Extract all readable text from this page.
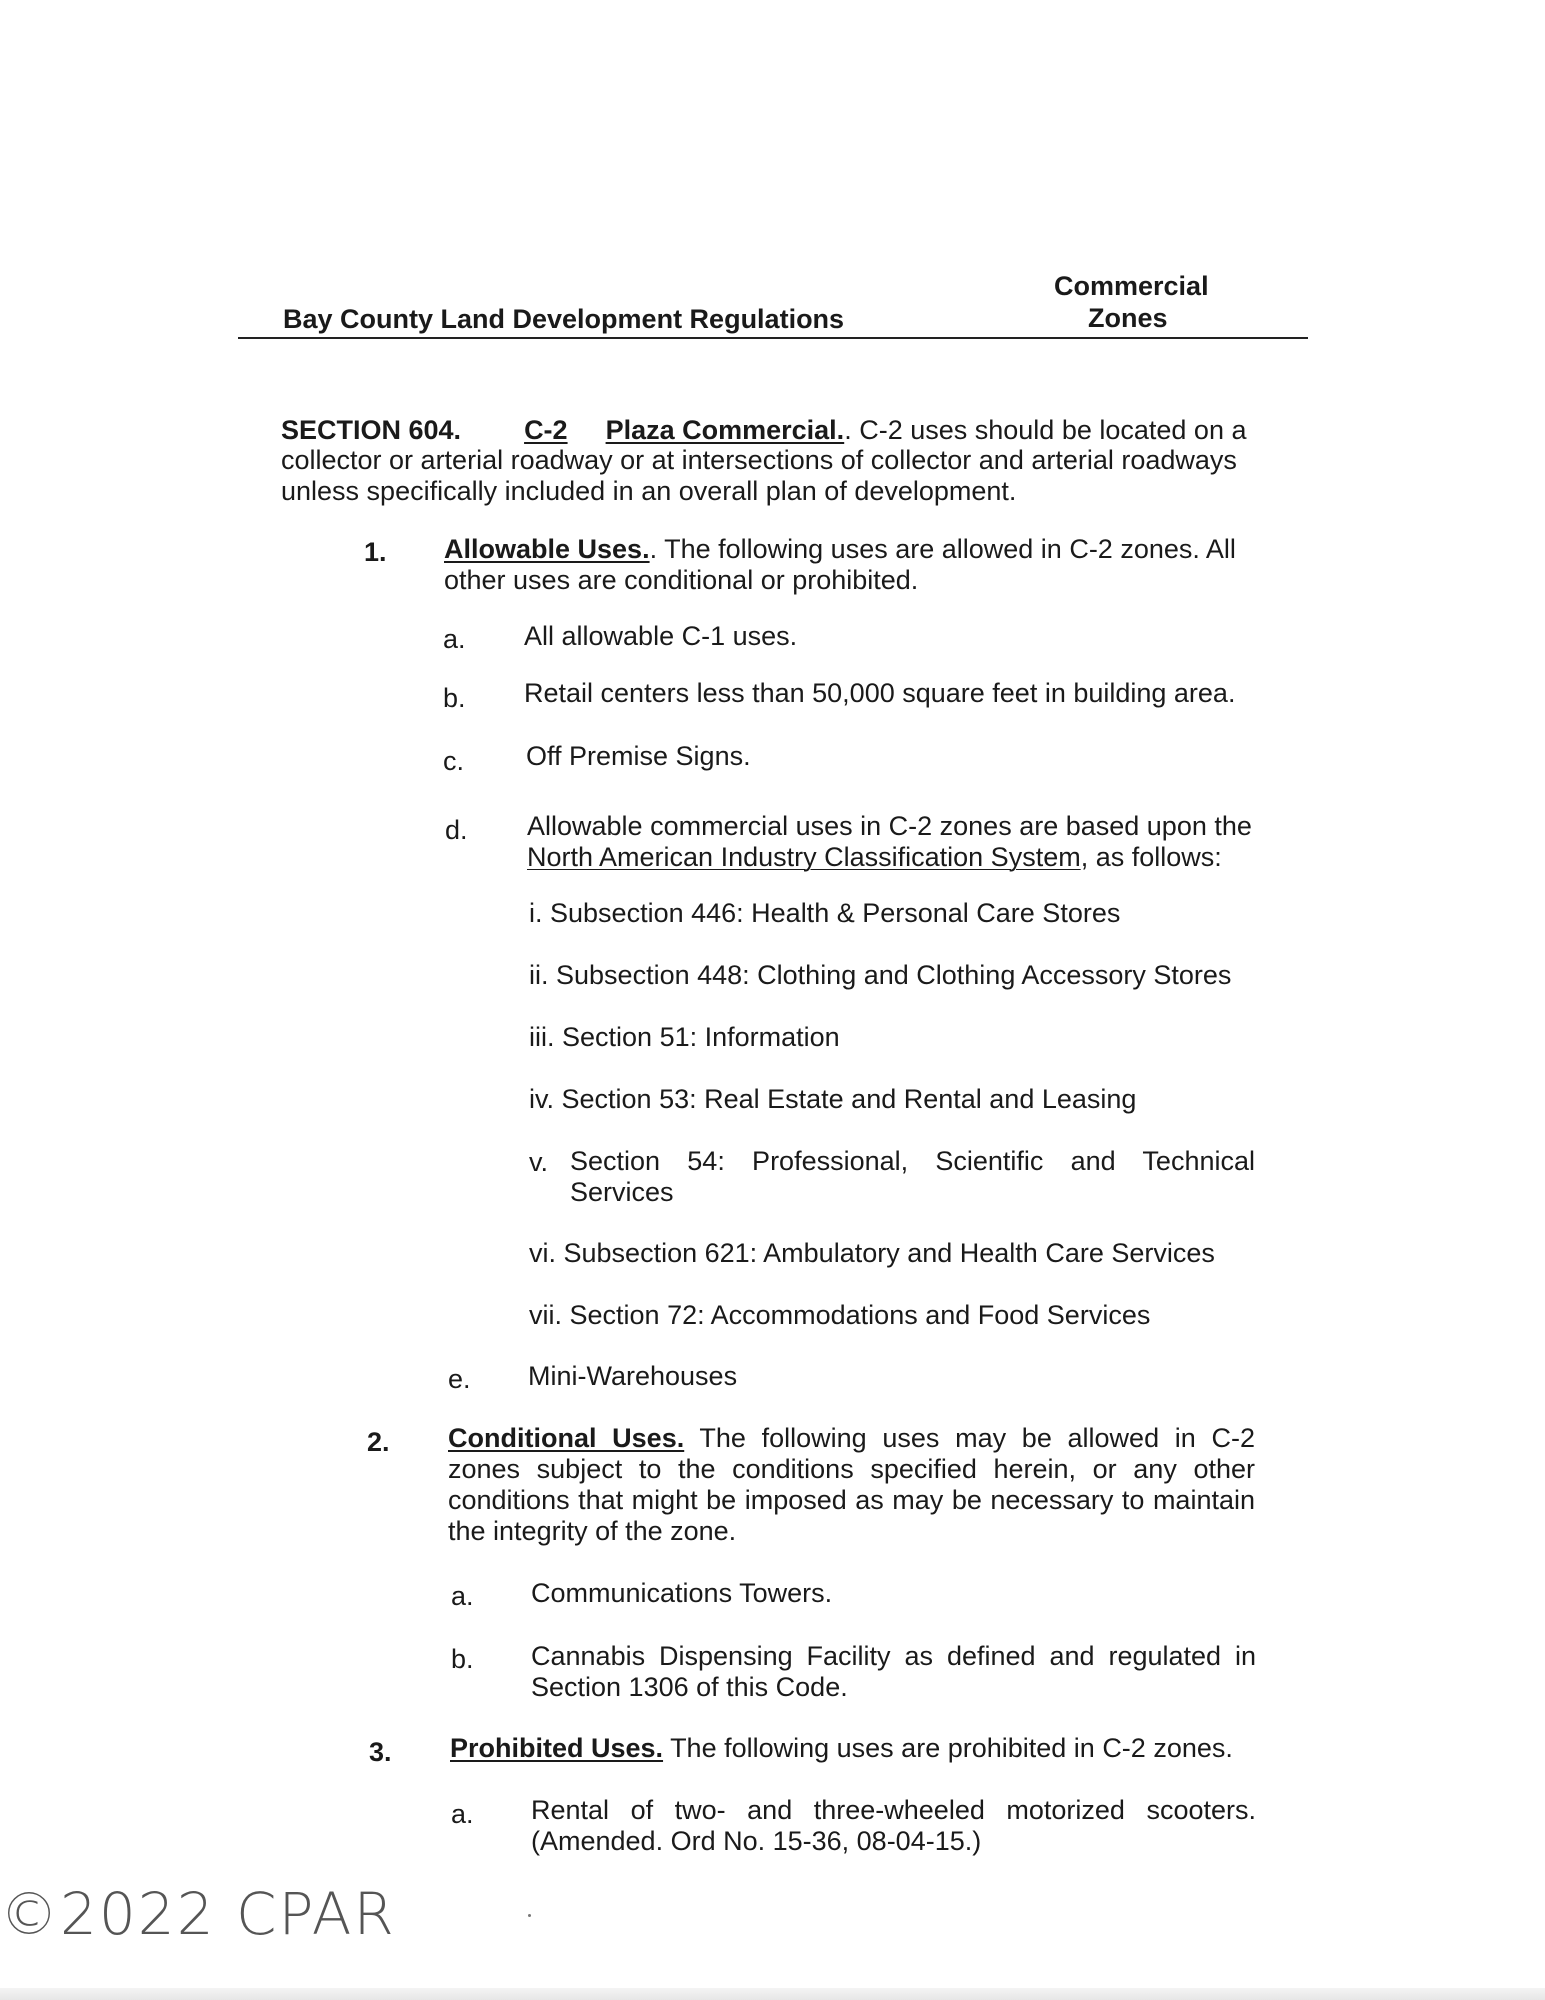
Commercial
Bay County Land Development Regulations	Zones
SECTION 604. C-2 Plaza Commercial.. C-2 uses should be located on a
collector or arterial roadway or at intersections of collector and arterial roadways
unless specifically included in an overall plan of development.
1. Allowable Uses.. The following uses are allowed in C-2 zones. All
other uses are conditional or prohibited.
a. All allowable C-1 uses.
b. Retail centers less than 50,000 square feet in building area.
c. Off Premise Signs.
d. Allowable commercial uses in C-2 zones are based upon the
North American Industry Classification System, as follows:
i. Subsection 446: Health & Personal Care Stores
ii. Subsection 448: Clothing and Clothing Accessory Stores
iii. Section 51: Information
iv. Section 53: Real Estate and Rental and Leasing
v. Section 54: Professional, Scientific and Technical
Services
vi. Subsection 621: Ambulatory and Health Care Services
vii. Section 72: Accommodations and Food Services
e. Mini-Warehouses
2. Conditional Uses. The following uses may be allowed in C-2
zones subject to the conditions specified herein, or any other
conditions that might be imposed as may be necessary to maintain
the integrity of the zone.
a. Communications Towers.
b. Cannabis Dispensing Facility as defined and regulated in
Section 1306 of this Code.
3. Prohibited Uses. The following uses are prohibited in C-2 zones.
a. Rental of two- and three-wheeled motorized scooters.
(Amended. Ord No. 15-36, 08-04-15.)
©2022 CPAR
